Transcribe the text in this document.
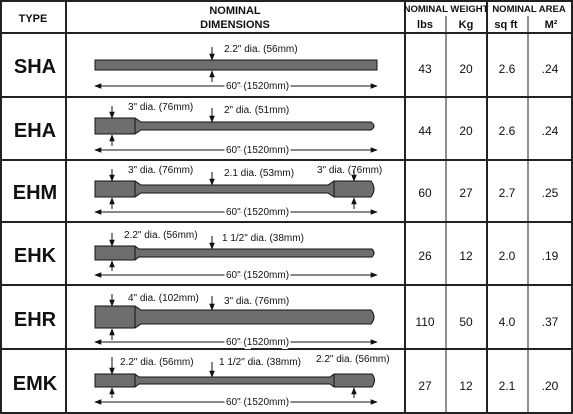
TYPE
NOMINAL
DIMENSIONS
NOMINAL WEIGHT
lbs Kg
NOMINAL AREA
sq ft M²
SHA
2.2" dia. (56mm)
60" (1520mm)
43 20 2.6 .24
EHA
3" dia. (76mm)	2" dia. (51mm)
60" (1520mm)
44 20 2.6 .24
EHM
3" dia. (76mm)	2.1 dia. (53mm) 3" dia. (76mm)
60" (1520mm)
60 27 2.7 .25
EHK
2.2" dia. (56mm) 1 1/2" dia. (38mm)
60" (1520mm)
26 12 2.0 .19
EHR
4" dia. (102mm)	3" dia. (76mm)
60" (1520mm)
110 50 4.0 .37
EMK
2.2" dia. (56mm)	1 1/2" dia. (38mm) 2.2" dia. (56mm)
60" (1520mm)
27 12 2.1 .20
